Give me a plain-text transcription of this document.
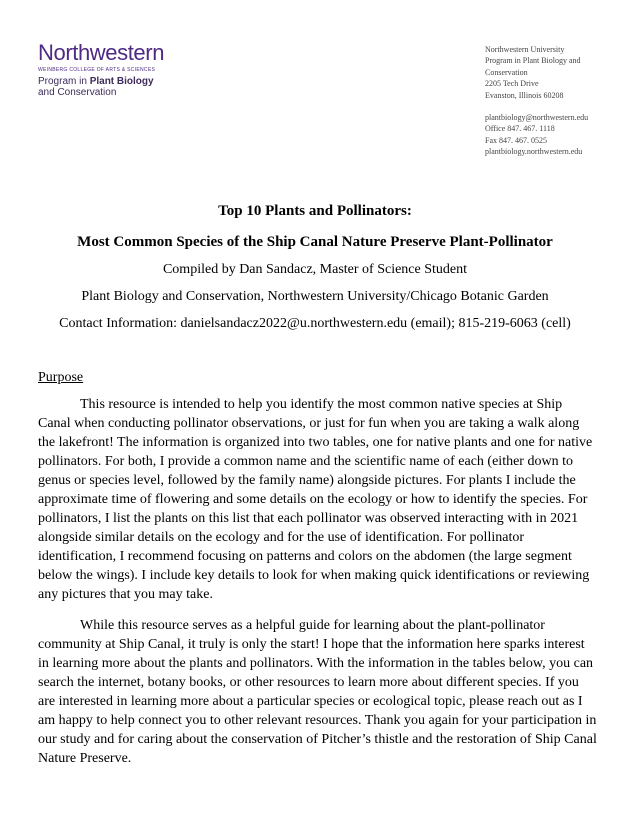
Northwestern
WEINBERG COLLEGE OF ARTS & SCIENCES
Program in Plant Biology
and Conservation
Northwestern University
Program in Plant Biology and
Conservation
2205 Tech Drive
Evanston, Illinois 60208
plantbiology@northwestern.edu
Office 847. 467. 1118
Fax 847. 467. 0525
plantbiology.northwestern.edu
Top 10 Plants and Pollinators:
Most Common Species of the Ship Canal Nature Preserve Plant-Pollinator
Compiled by Dan Sandacz, Master of Science Student
Plant Biology and Conservation, Northwestern University/Chicago Botanic Garden
Contact Information: danielsandacz2022@u.northwestern.edu (email); 815-219-6063 (cell)
Purpose

This resource is intended to help you identify the most common native species at Ship Canal when conducting pollinator observations, or just for fun when you are taking a walk along the lakefront! The information is organized into two tables, one for native plants and one for native pollinators. For both, I provide a common name and the scientific name of each (either down to genus or species level, followed by the family name) alongside pictures. For plants I include the approximate time of flowering and some details on the ecology or how to identify the species. For pollinators, I list the plants on this list that each pollinator was observed interacting with in 2021 alongside similar details on the ecology and for the use of identification. For pollinator identification, I recommend focusing on patterns and colors on the abdomen (the large segment below the wings). I include key details to look for when making quick identifications or reviewing any pictures that you may take.

While this resource serves as a helpful guide for learning about the plant-pollinator community at Ship Canal, it truly is only the start! I hope that the information here sparks interest in learning more about the plants and pollinators. With the information in the tables below, you can search the internet, botany books, or other resources to learn more about different species. If you are interested in learning more about a particular species or ecological topic, please reach out as I am happy to help connect you to other relevant resources. Thank you again for your participation in our study and for caring about the conservation of Pitcher’s thistle and the restoration of Ship Canal Nature Preserve.
